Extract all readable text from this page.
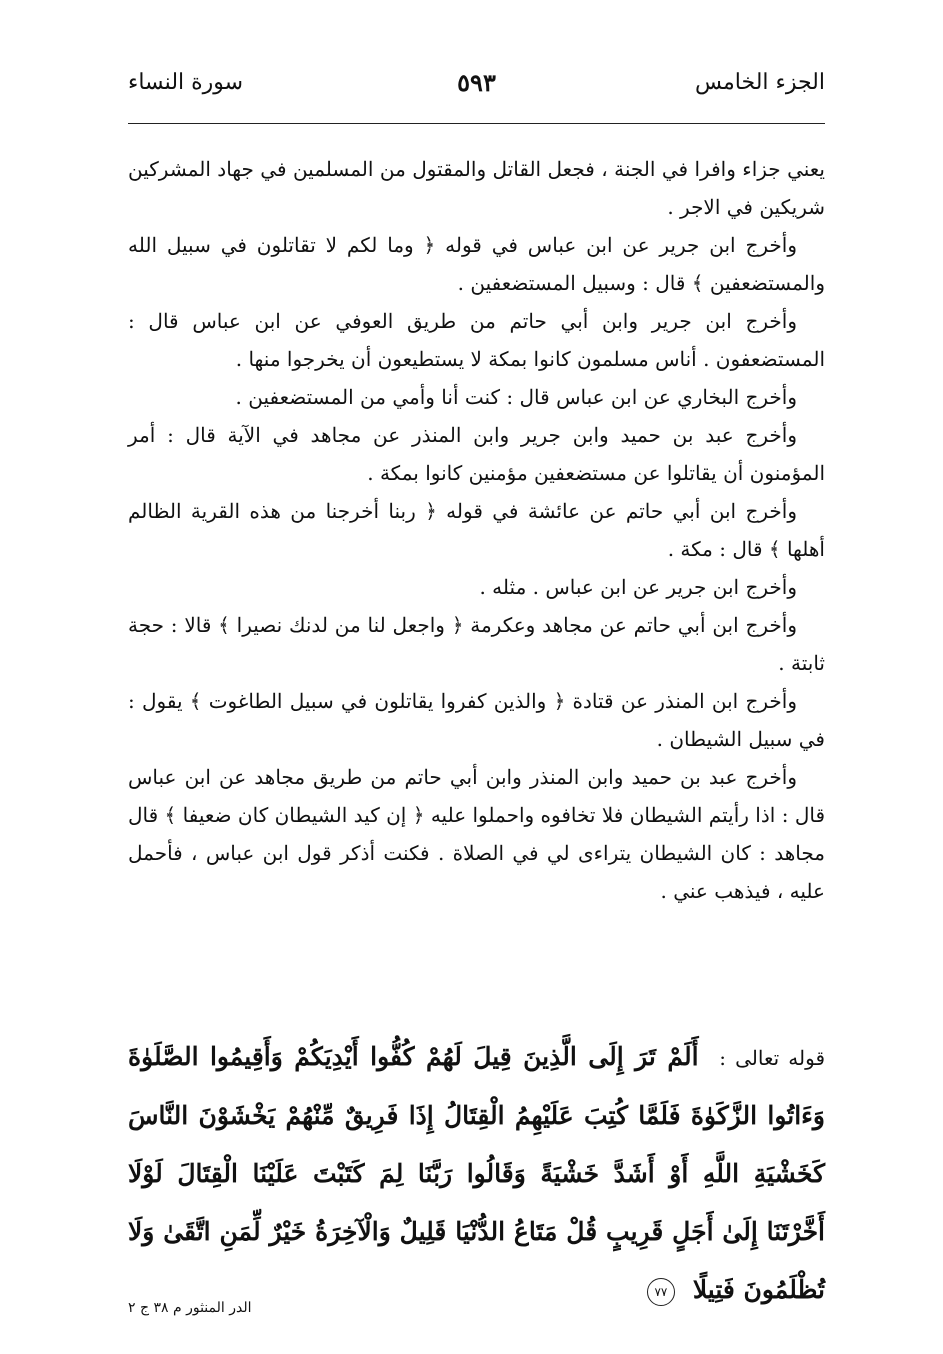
الجزء الخامس
٥٩٣
سورة النساء

يعني جزاء وافرا في الجنة ، فجعل القاتل والمقتول من المسلمين في جهاد المشركين شريكين في الاجر .

وأخرج ابن جرير عن ابن عباس في قوله ﴿ وما لكم لا تقاتلون في سبيل الله والمستضعفين ﴾ قال : وسبيل المستضعفين .

وأخرج ابن جرير وابن أبي حاتم من طريق العوفي عن ابن عباس قال : المستضعفون . أناس مسلمون كانوا بمكة لا يستطيعون أن يخرجوا منها .

وأخرج البخاري عن ابن عباس قال : كنت أنا وأمي من المستضعفين .

وأخرج عبد بن حميد وابن جرير وابن المنذر عن مجاهد في الآية قال : أمر المؤمنون أن يقاتلوا عن مستضعفين مؤمنين كانوا بمكة .

وأخرج ابن أبي حاتم عن عائشة في قوله ﴿ ربنا أخرجنا من هذه القرية الظالم أهلها ﴾ قال : مكة .

وأخرج ابن جرير عن ابن عباس . مثله .

وأخرج ابن أبي حاتم عن مجاهد وعكرمة ﴿ واجعل لنا من لدنك نصيرا ﴾ قالا : حجة ثابتة .

وأخرج ابن المنذر عن قتادة ﴿ والذين كفروا يقاتلون في سبيل الطاغوت ﴾ يقول : في سبيل الشيطان .

وأخرج عبد بن حميد وابن المنذر وابن أبي حاتم من طريق مجاهد عن ابن عباس قال : اذا رأيتم الشيطان فلا تخافوه واحملوا عليه ﴿ إن كيد الشيطان كان ضعيفا ﴾ قال مجاهد : كان الشيطان يتراءى لي في الصلاة . فكنت أذكر قول ابن عباس ، فأحمل عليه ، فيذهب عني .

قوله تعالى : أَلَمْ تَرَ إِلَى الَّذِينَ قِيلَ لَهُمْ كُفُّوا أَيْدِيَكُمْ وَأَقِيمُوا الصَّلَوٰةَ وَءَاتُوا الزَّكَوٰةَ فَلَمَّا كُتِبَ عَلَيْهِمُ الْقِتَالُ إِذَا فَرِيقٌ مِّنْهُمْ يَخْشَوْنَ النَّاسَ كَخَشْيَةِ اللَّهِ أَوْ أَشَدَّ خَشْيَةً وَقَالُوا رَبَّنَا لِمَ كَتَبْتَ عَلَيْنَا الْقِتَالَ لَوْلَا أَخَّرْتَنَا إِلَىٰ أَجَلٍ قَرِيبٍ قُلْ مَتَاعُ الدُّنْيَا قَلِيلٌ وَالْآخِرَةُ خَيْرٌ لِّمَنِ اتَّقَىٰ وَلَا تُظْلَمُونَ فَتِيلًا ٧٧
الدر المنثور م ٣٨ ج ٢
